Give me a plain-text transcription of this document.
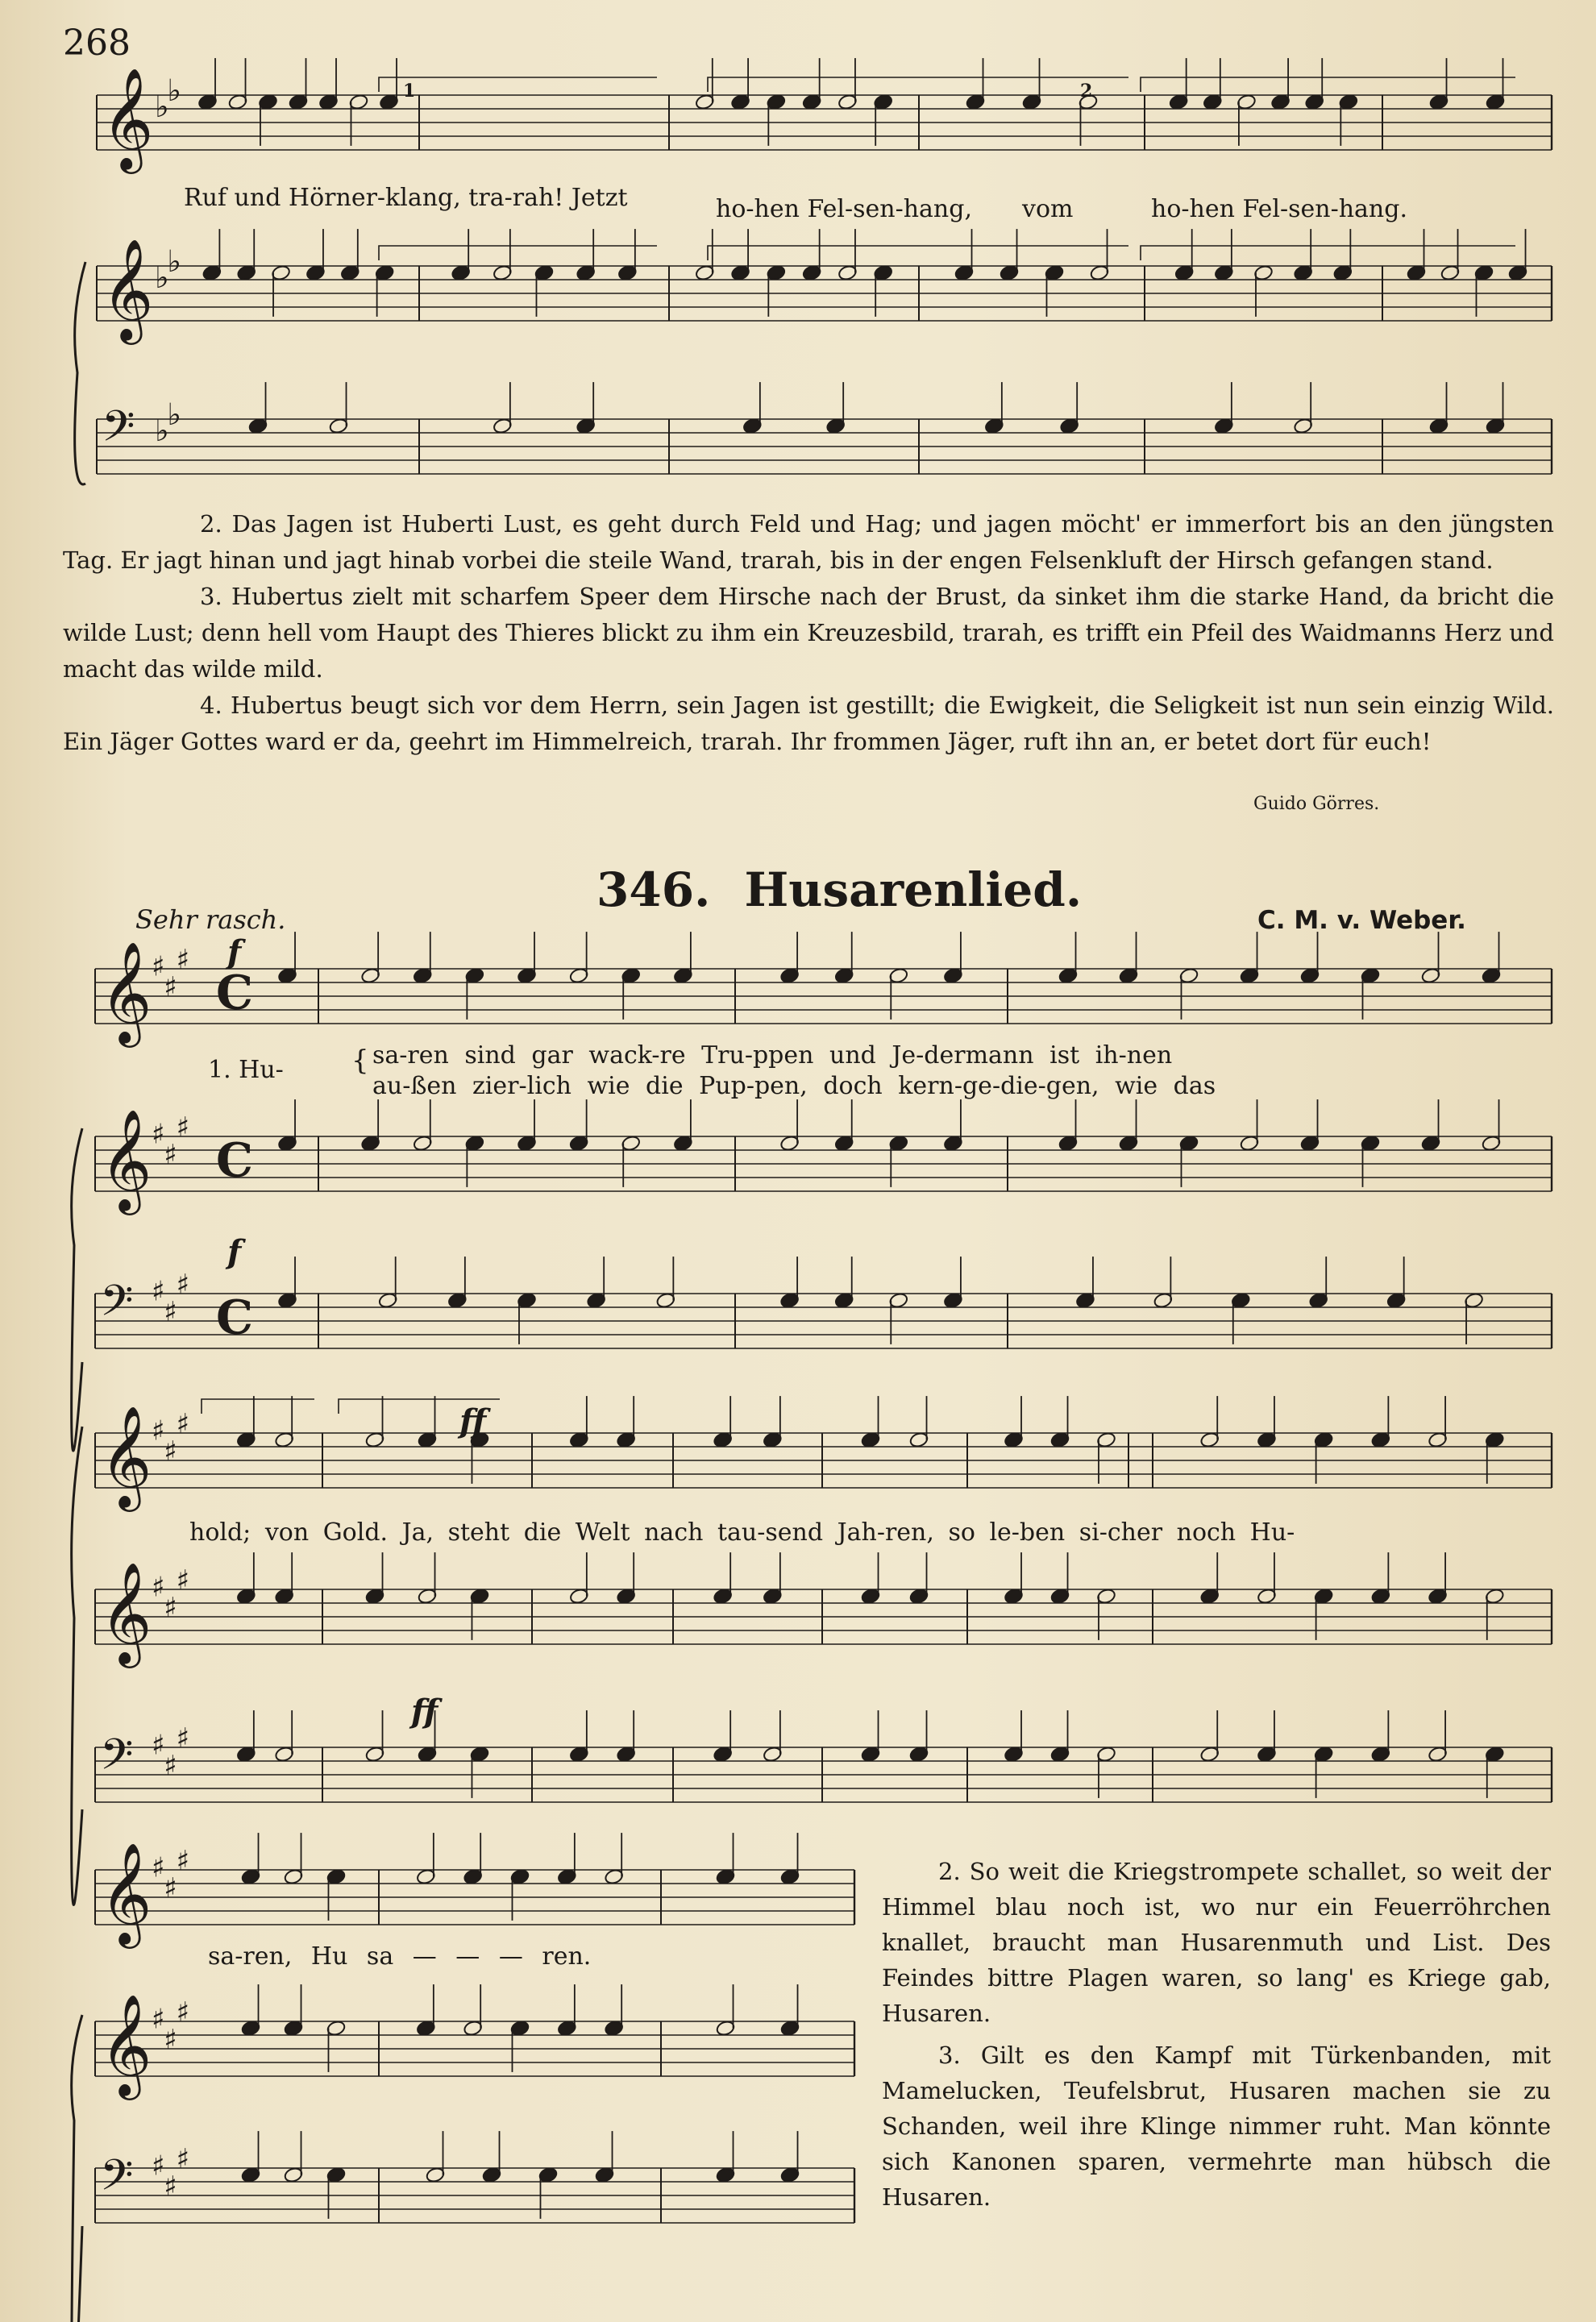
268
𝄞 ♭
♭
𝄞 ♭
♭
𝄢 ♭
♭
𝄞 ♯
♯
♯
C
𝄞 ♯
♯
♯
C
𝄢 ♯
♯
♯
C
𝄞 ♯
♯
♯
𝄞 ♯
♯
♯
𝄢 ♯
♯
♯
𝄞 ♯
♯
♯
𝄞 ♯
♯
♯
𝄢 ♯
♯
♯
Ruf und Hörner-klang, tra-rah! Jetzt	ho-hen Fel-sen-hang, vom	ho-hen Fel-sen-hang.
1	2

2. Das Jagen ist Huberti Lust, es geht durch Feld und Hag; und jagen möcht' er immerfort bis an den jüngsten Tag. Er jagt hinan und jagt hinab vorbei die steile Wand, trarah, bis in der engen Felsenkluft der Hirsch gefangen stand.

3. Hubertus zielt mit scharfem Speer dem Hirsche nach der Brust, da sinket ihm die starke Hand, da bricht die wilde Lust; denn hell vom Haupt des Thieres blickt zu ihm ein Kreuzesbild, trarah, es trifft ein Pfeil des Waidmanns Herz und macht das wilde mild.

4. Hubertus beugt sich vor dem Herrn, sein Jagen ist gestillt; die Ewigkeit, die Seligkeit ist nun sein einzig Wild. Ein Jäger Gottes ward er da, geehrt im Himmelreich, trarah. Ihr frommen Jäger, ruft ihn an, er betet dort für euch!

Guido Görres.
346. Husarenlied.
Sehr rasch.	C. M. v. Weber.
f
f
ff
ff
1. Hu- { sa-ren sind gar wack-re Tru-ppen und Je-dermann ist ih-nen
au-ßen zier-lich wie die Pup-pen, doch kern-ge-die-gen, wie das
hold; von Gold. Ja, steht die Welt nach tau-send Jah-ren, so le-ben si-cher noch Hu-
sa-ren, Hu sa — — — ren.

2. So weit die Kriegstrompete schallet, so weit der Himmel blau noch ist, wo nur ein Feuerröhrchen knallet, braucht man Husarenmuth und List. Des Feindes bittre Plagen waren, so lang' es Kriege gab, Husaren.

3. Gilt es den Kampf mit Türkenbanden, mit Mamelucken, Teufelsbrut, Husaren machen sie zu Schanden, weil ihre Klinge nimmer ruht. Man könnte sich Kanonen sparen, vermehrte man hübsch die Husaren.
